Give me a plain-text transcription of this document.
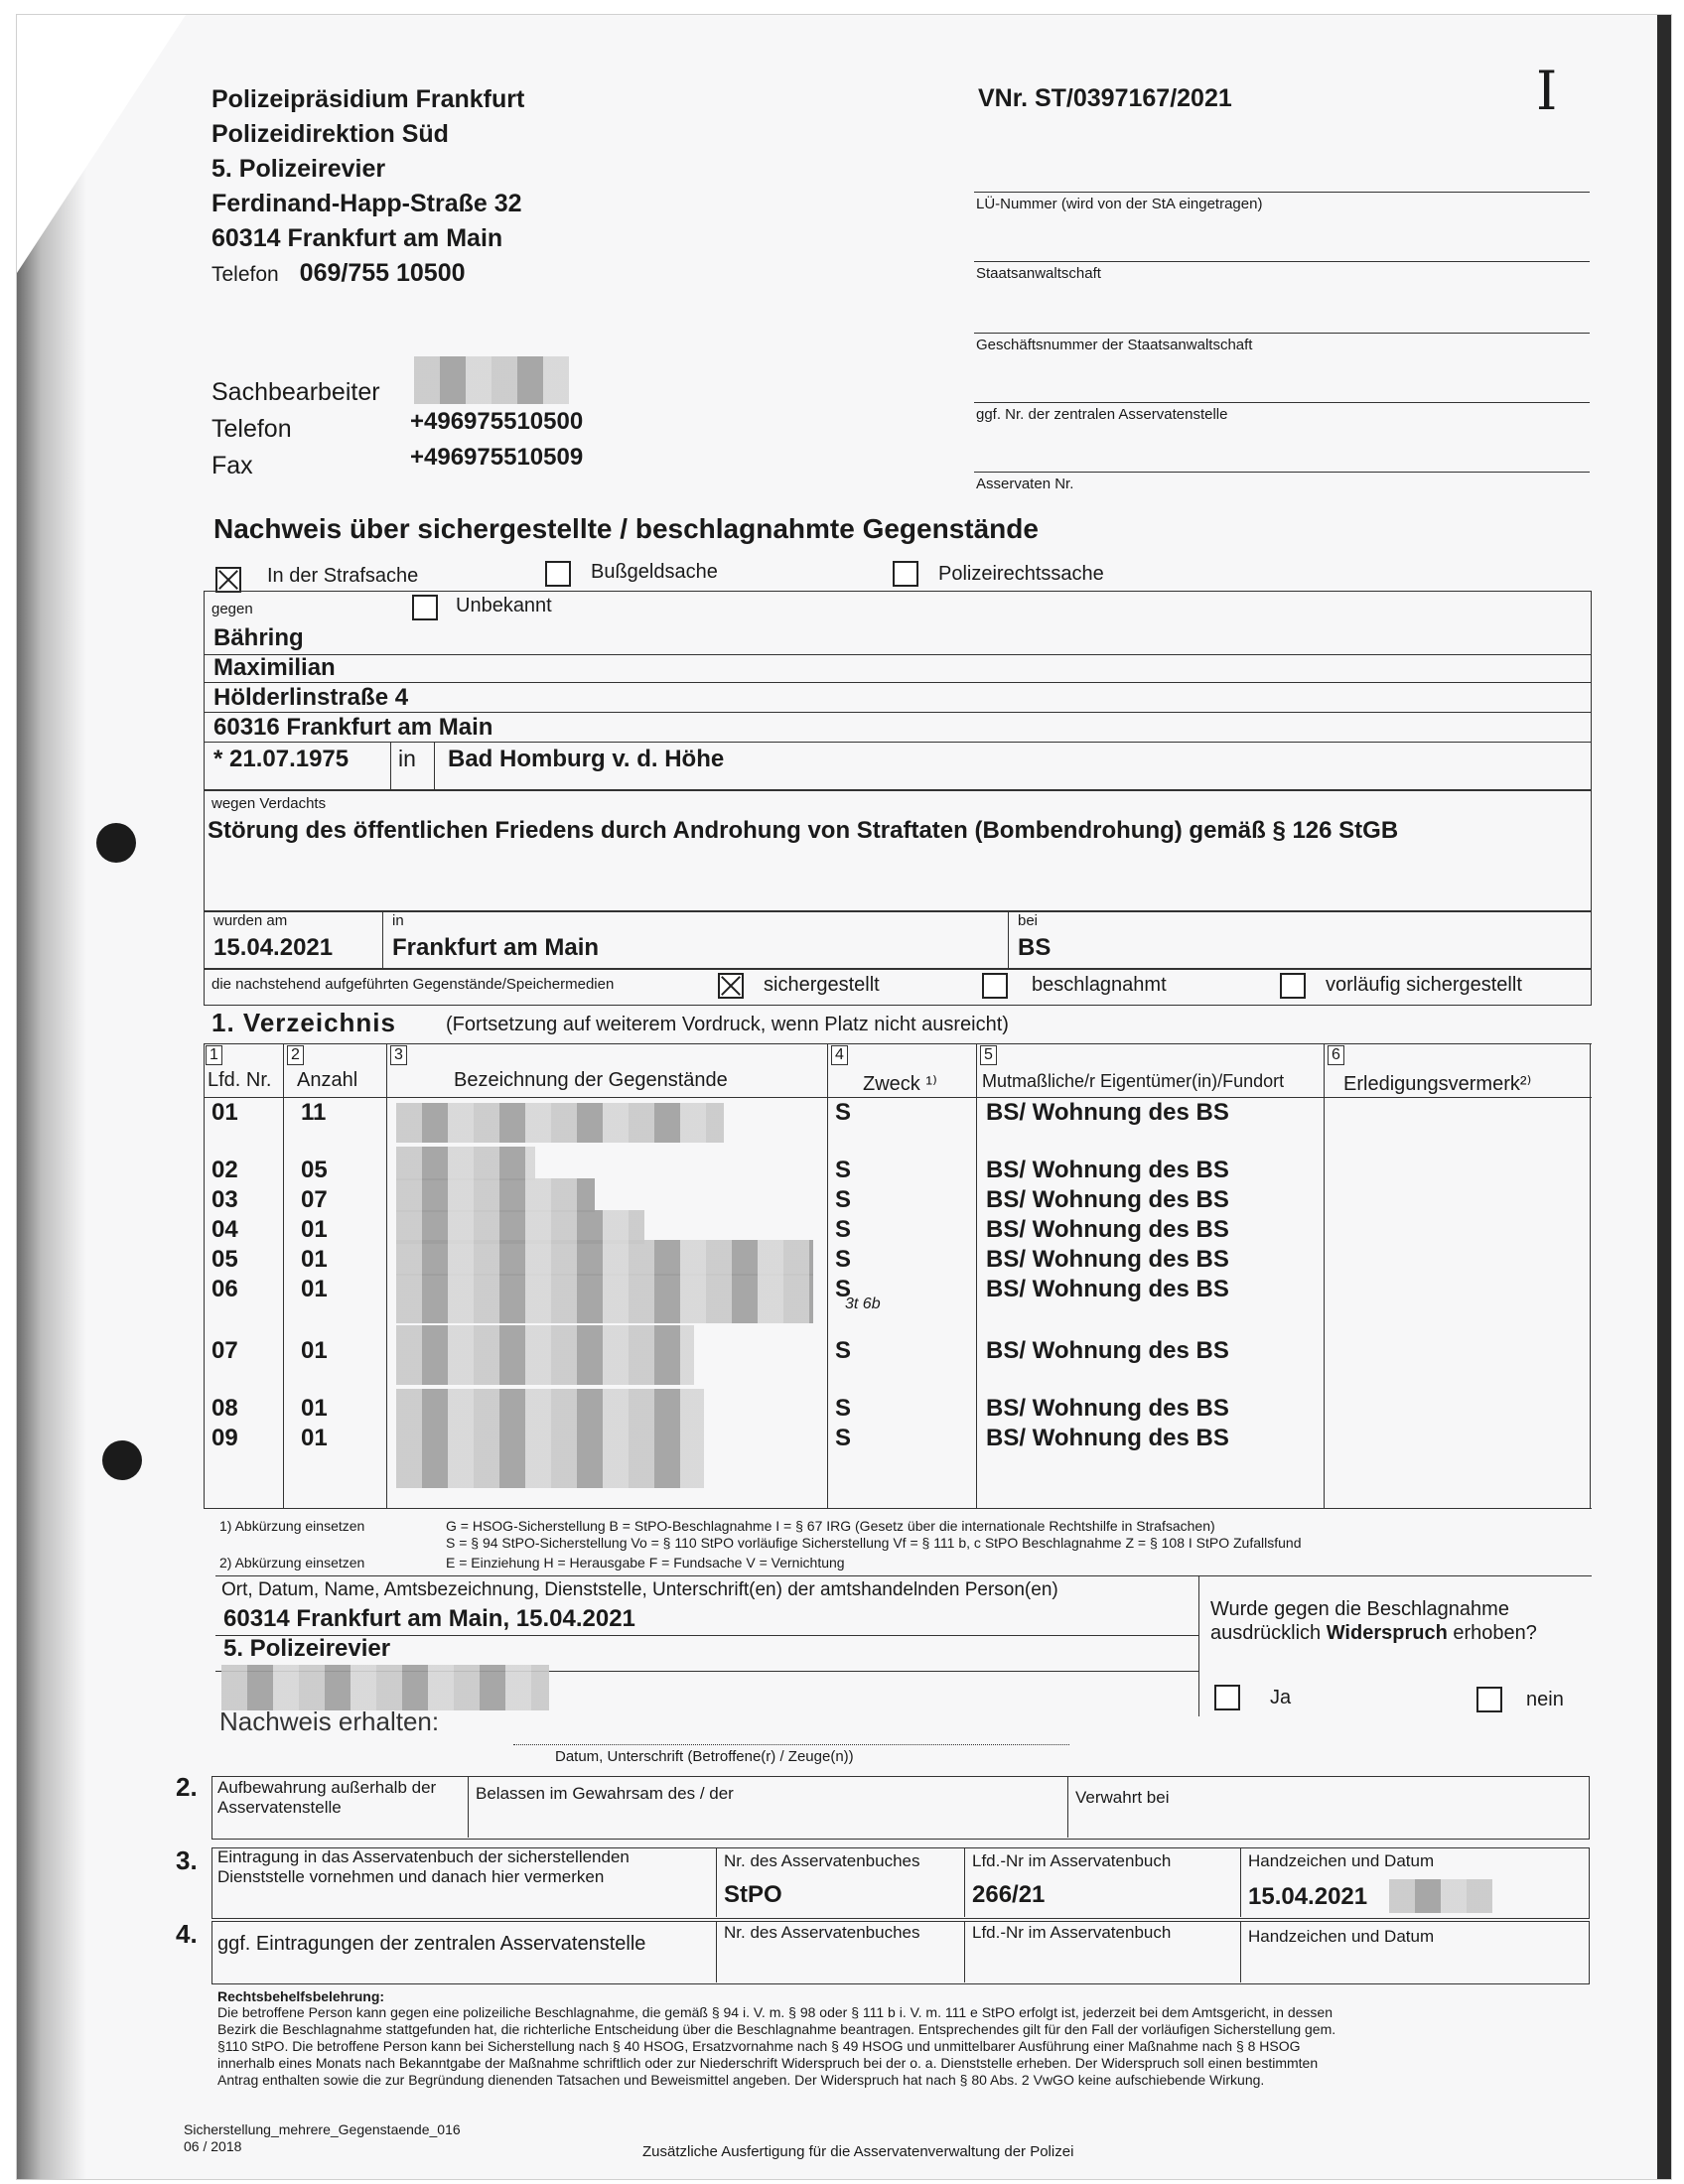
Polizeipräsidium Frankfurt
Polizeidirektion Süd
5. Polizeirevier
Ferdinand-Happ-Straße 32
60314 Frankfurt am Main
Telefon 069/755 10500
VNr. ST/0397167/2021	I
LÜ-Nummer (wird von der StA eingetragen)
Staatsanwaltschaft
Geschäftsnummer der Staatsanwaltschaft
ggf. Nr. der zentralen Asservatenstelle
Asservaten Nr.
Sachbearbeiter
Telefon
Fax
+496975510500
+496975510509
Nachweis über sichergestellte / beschlagnahmte Gegenstände
In der Strafsache	Bußgeldsache	Polizeirechtssache
gegen	Unbekannt
Bähring
Maximilian
Hölderlinstraße 4
60316 Frankfurt am Main
* 21.07.1975 in Bad Homburg v. d. Höhe
wegen Verdachts
Störung des öffentlichen Friedens durch Androhung von Straftaten (Bombendrohung) gemäß § 126 StGB
wurden am
15.04.2021
in
Frankfurt am Main
bei
BS
die nachstehend aufgeführten Gegenstände/Speichermedien	sichergestellt	beschlagnahmt	vorläufig sichergestellt
1. Verzeichnis	(Fortsetzung auf weiterem Vordruck, wenn Platz nicht ausreicht)
1	2	3	4	5	6
Lfd. Nr. Anzahl	Bezeichnung der Gegenstände	Zweck ¹⁾	Mutmaßliche/r Eigentümer(in)/Fundort	Erledigungsvermerk²⁾
3t 6b
01	11	S	BS/ Wohnung des BS
02	05	S	BS/ Wohnung des BS
03	07	S	BS/ Wohnung des BS
04	01	S	BS/ Wohnung des BS
05	01	S	BS/ Wohnung des BS
06	01	S	BS/ Wohnung des BS
07	01	S	BS/ Wohnung des BS
08	01	S	BS/ Wohnung des BS
09	01	S	BS/ Wohnung des BS
1) Abkürzung einsetzen	G = HSOG-Sicherstellung B = StPO-Beschlagnahme I = § 67 IRG (Gesetz über die internationale Rechtshilfe in Strafsachen)
S = § 94 StPO-Sicherstellung Vo = § 110 StPO vorläufige Sicherstellung Vf = § 111 b, c StPO Beschlagnahme Z = § 108 I StPO Zufallsfund
2) Abkürzung einsetzen	E = Einziehung H = Herausgabe F = Fundsache V = Vernichtung
Ort, Datum, Name, Amtsbezeichnung, Dienststelle, Unterschrift(en) der amtshandelnden Person(en)
60314 Frankfurt am Main, 15.04.2021
5. Polizeirevier
Wurde gegen die Beschlagnahme
ausdrücklich Widerspruch erhoben?
Ja	nein
Nachweis erhalten:
Datum, Unterschrift (Betroffene(r) / Zeuge(n))
2. Aufbewahrung außerhalb der Asservatenstelle
Belassen im Gewahrsam des / der	Verwahrt bei
3. Eintragung in das Asservatenbuch der sicherstellenden Dienststelle vornehmen und danach hier vermerken
Nr. des Asservatenbuches
StPO
Lfd.-Nr im Asservatenbuch
266/21
Handzeichen und Datum
15.04.2021
4. ggf. Eintragungen der zentralen Asservatenstelle
Nr. des Asservatenbuches	Lfd.-Nr im Asservatenbuch	Handzeichen und Datum
Rechtsbehelfsbelehrung:
Die betroffene Person kann gegen eine polizeiliche Beschlagnahme, die gemäß § 94 i. V. m. § 98 oder § 111 b i. V. m. 111 e StPO erfolgt ist, jederzeit bei dem Amtsgericht, in dessen
Bezirk die Beschlagnahme stattgefunden hat, die richterliche Entscheidung über die Beschlagnahme beantragen. Entsprechendes gilt für den Fall der vorläufigen Sicherstellung gem.
§110 StPO. Die betroffene Person kann bei Sicherstellung nach § 40 HSOG, Ersatzvornahme nach § 49 HSOG und unmittelbarer Ausführung einer Maßnahme nach § 8 HSOG
innerhalb eines Monats nach Bekanntgabe der Maßnahme schriftlich oder zur Niederschrift Widerspruch bei der o. a. Dienststelle erheben. Der Widerspruch soll einen bestimmten
Antrag enthalten sowie die zur Begründung dienenden Tatsachen und Beweismittel angeben. Der Widerspruch hat nach § 80 Abs. 2 VwGO keine aufschiebende Wirkung.
Sicherstellung_mehrere_Gegenstaende_016
06 / 2018	Zusätzliche Ausfertigung für die Asservatenverwaltung der Polizei
